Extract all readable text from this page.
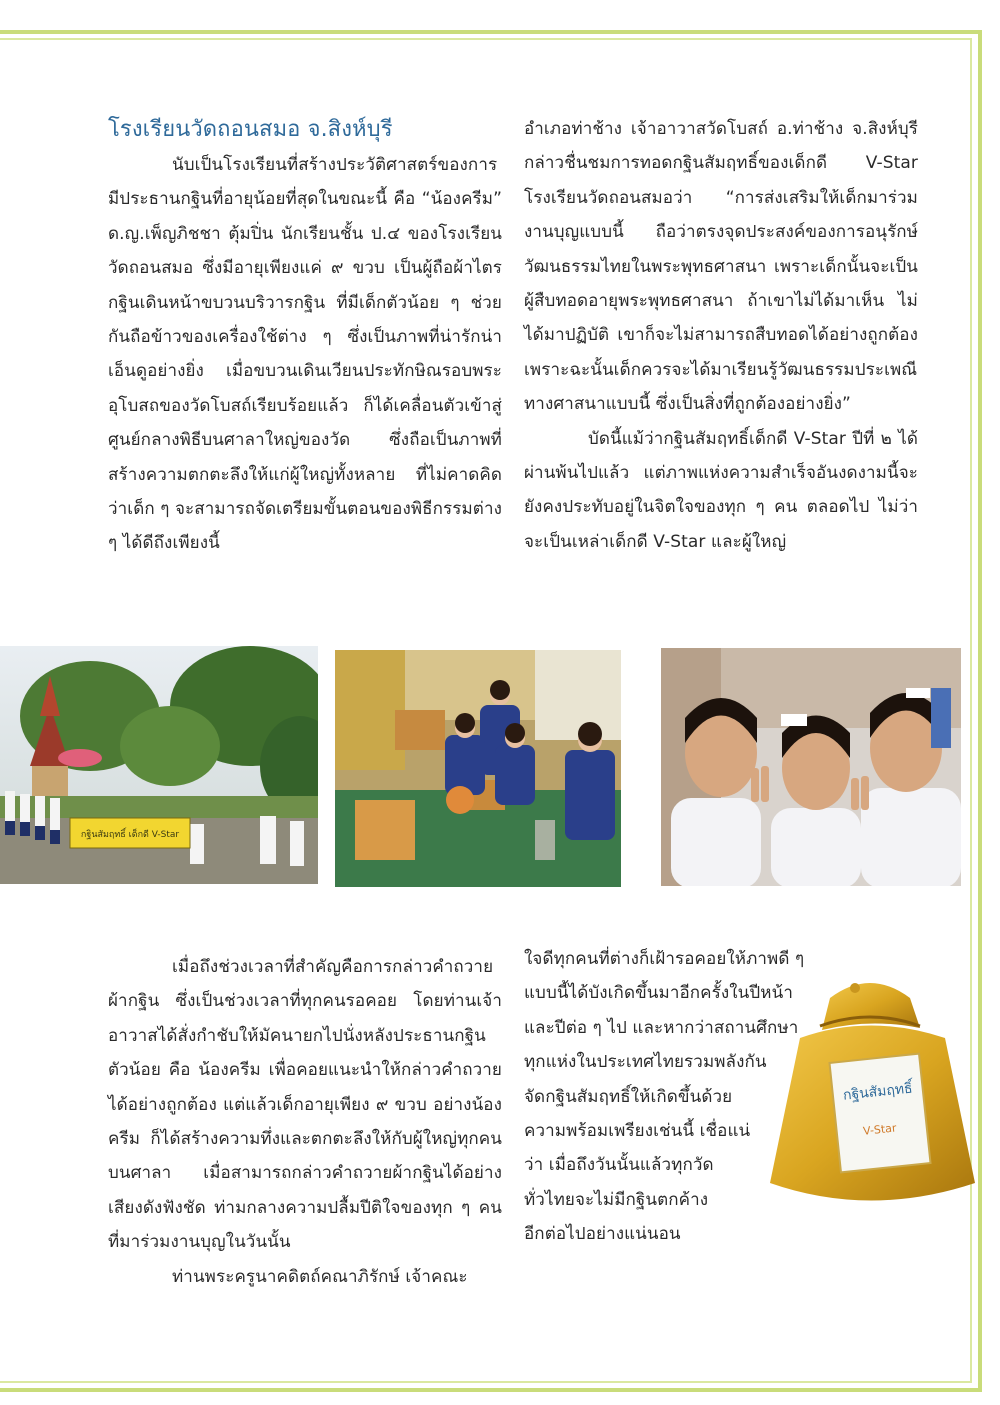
โรงเรียนวัดถอนสมอ จ.สิงห์บุรี

นับเป็นโรงเรียนที่สร้างประวัติศาสตร์ของการมีประธานกฐินที่อายุน้อยที่สุดในขณะนี้ คือ “น้องครีม” ด.ญ.เพ็ญภิชชา ตุ้มปิ่น นักเรียนชั้น ป.๔ ของโรงเรียนวัดถอนสมอ ซึ่งมีอายุเพียงแค่ ๙ ขวบ เป็นผู้ถือผ้าไตรกฐินเดินหน้าขบวนบริวารกฐิน ที่มีเด็กตัวน้อย ๆ ช่วยกันถือข้าวของเครื่องใช้ต่าง ๆ ซึ่งเป็นภาพที่น่ารักน่าเอ็นดูอย่างยิ่ง เมื่อขบวนเดินเวียนประทักษิณรอบพระอุโบสถของวัดโบสถ์เรียบร้อยแล้ว ก็ได้เคลื่อนตัวเข้าสู่ศูนย์กลางพิธีบนศาลาใหญ่ของวัด ซึ่งถือเป็นภาพที่สร้างความตกตะลึงให้แก่ผู้ใหญ่ทั้งหลาย ที่ไม่คาดคิดว่าเด็ก ๆ จะสามารถจัดเตรียมขั้นตอนของพิธีกรรมต่าง ๆ ได้ดีถึงเพียงนี้

อำเภอท่าช้าง เจ้าอาวาสวัดโบสถ์ อ.ท่าช้าง จ.สิงห์บุรี กล่าวชื่นชมการทอดกฐินสัมฤทธิ์ของเด็กดี V-Star โรงเรียนวัดถอนสมอว่า “การส่งเสริมให้เด็กมาร่วมงานบุญแบบนี้ ถือว่าตรงจุดประสงค์ของการอนุรักษ์วัฒนธรรมไทยในพระพุทธศาสนา เพราะเด็กนั้นจะเป็นผู้สืบทอดอายุพระพุทธศาสนา ถ้าเขาไม่ได้มาเห็น ไม่ได้มาปฏิบัติ เขาก็จะไม่สามารถสืบทอดได้อย่างถูกต้อง เพราะฉะนั้นเด็กควรจะได้มาเรียนรู้วัฒนธรรมประเพณีทางศาสนาแบบนี้ ซึ่งเป็นสิ่งที่ถูกต้องอย่างยิ่ง”

บัดนี้แม้ว่ากฐินสัมฤทธิ์เด็กดี V-Star ปีที่ ๒ ได้ผ่านพ้นไปแล้ว แต่ภาพแห่งความสำเร็จอันงดงามนี้จะยังคงประทับอยู่ในจิตใจของทุก ๆ คน ตลอดไป ไม่ว่าจะเป็นเหล่าเด็กดี V-Star และผู้ใหญ่

กฐินสัมฤทธิ์ เด็กดี V-Star

เมื่อถึงช่วงเวลาที่สำคัญคือการกล่าวคำถวายผ้ากฐิน ซึ่งเป็นช่วงเวลาที่ทุกคนรอคอย โดยท่านเจ้าอาวาสได้สั่งกำชับให้มัคนายกไปนั่งหลังประธานกฐินตัวน้อย คือ น้องครีม เพื่อคอยแนะนำให้กล่าวคำถวายได้อย่างถูกต้อง แต่แล้วเด็กอายุเพียง ๙ ขวบ อย่างน้องครีม ก็ได้สร้างความทึ่งและตกตะลึงให้กับผู้ใหญ่ทุกคนบนศาลา เมื่อสามารถกล่าวคำถวายผ้ากฐินได้อย่างเสียงดังฟังชัด ท่ามกลางความปลื้มปีติใจของทุก ๆ คน ที่มาร่วมงานบุญในวันนั้น

ท่านพระครูนาคดิตถ์คณาภิรักษ์ เจ้าคณะ

ใจดีทุกคนที่ต่างก็เฝ้ารอคอยให้ภาพดี ๆ

แบบนี้ได้บังเกิดขึ้นมาอีกครั้งในปีหน้า

และปีต่อ ๆ ไป และหากว่าสถานศึกษา

ทุกแห่งในประเทศไทยรวมพลังกัน

จัดกฐินสัมฤทธิ์ให้เกิดขึ้นด้วย

ความพร้อมเพรียงเช่นนี้ เชื่อแน่

ว่า เมื่อถึงวันนั้นแล้วทุกวัด

ทั่วไทยจะไม่มีกฐินตกค้าง

อีกต่อไปอย่างแน่นอน

กฐินสัมฤทธิ์
V-Star
